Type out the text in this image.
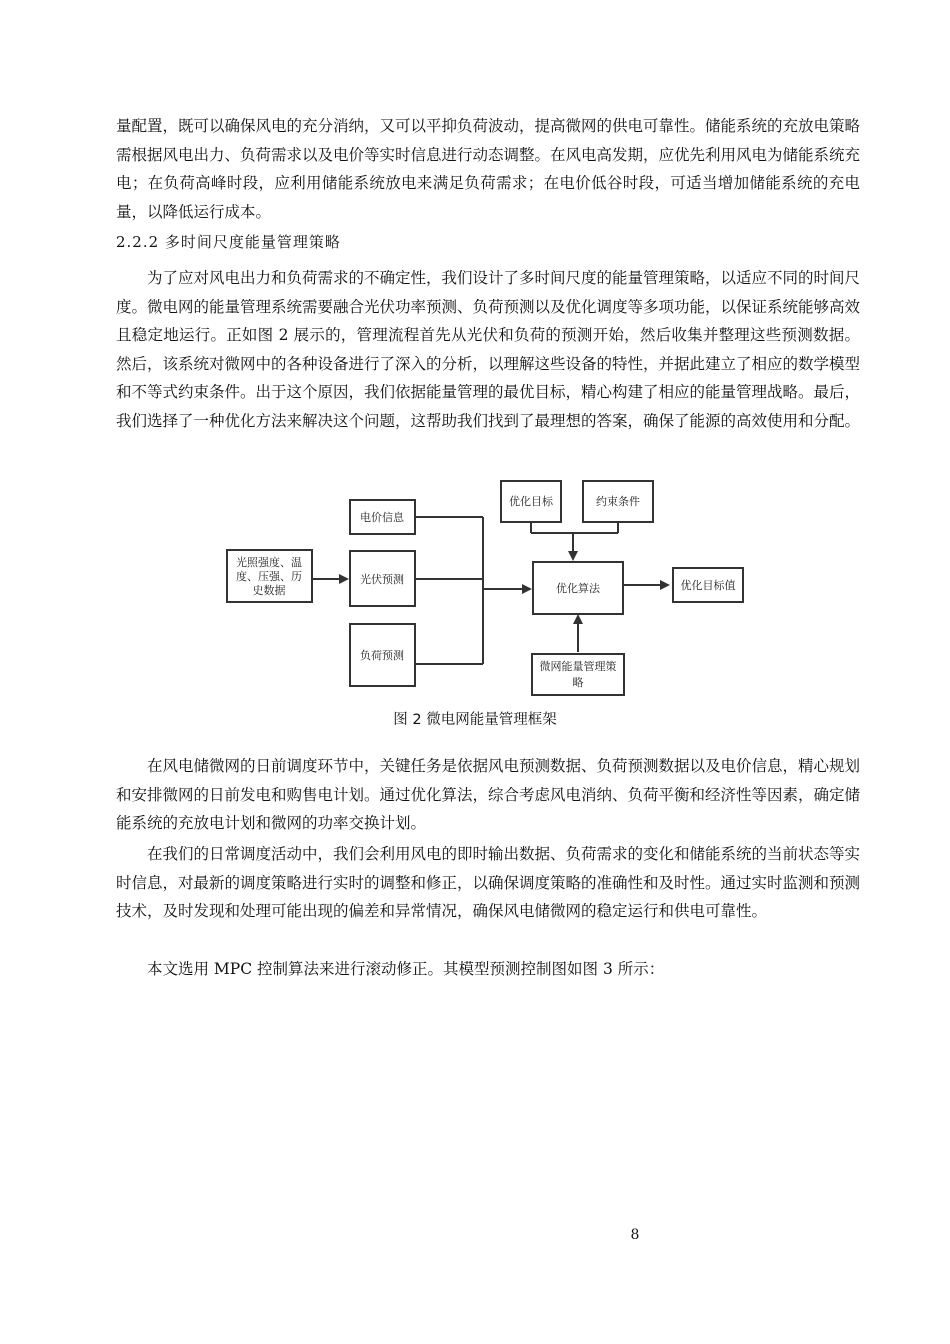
量配置，既可以确保风电的充分消纳，又可以平抑负荷波动，提高微网的供电可靠性。储能系统的充放电策略需根据风电出力、负荷需求以及电价等实时信息进行动态调整。在风电高发期，应优先利用风电为储能系统充电；在负荷高峰时段，应利用储能系统放电来满足负荷需求；在电价低谷时段，可适当增加储能系统的充电量，以降低运行成本。

2.2.2 多时间尺度能量管理策略

为了应对风电出力和负荷需求的不确定性，我们设计了多时间尺度的能量管理策略，以适应不同的时间尺度。微电网的能量管理系统需要融合光伏功率预测、负荷预测以及优化调度等多项功能，以保证系统能够高效且稳定地运行。正如图 2 展示的，管理流程首先从光伏和负荷的预测开始，然后收集并整理这些预测数据。然后，该系统对微网中的各种设备进行了深入的分析，以理解这些设备的特性，并据此建立了相应的数学模型和不等式约束条件。出于这个原因，我们依据能量管理的最优目标，精心构建了相应的能量管理战略。最后，我们选择了一种优化方法来解决这个问题，这帮助我们找到了最理想的答案，确保了能源的高效使用和分配。

电价信息
光照强度、温
度、压强、历
史数据
光伏预测
负荷预测
优化目标	约束条件
优化算法	优化目标值
微网能量管理策
略
图 2 微电网能量管理框架

在风电储微网的日前调度环节中，关键任务是依据风电预测数据、负荷预测数据以及电价信息，精心规划和安排微网的日前发电和购售电计划。通过优化算法，综合考虑风电消纳、负荷平衡和经济性等因素，确定储能系统的充放电计划和微网的功率交换计划。

在我们的日常调度活动中，我们会利用风电的即时输出数据、负荷需求的变化和储能系统的当前状态等实时信息，对最新的调度策略进行实时的调整和修正，以确保调度策略的准确性和及时性。通过实时监测和预测技术，及时发现和处理可能出现的偏差和异常情况，确保风电储微网的稳定运行和供电可靠性。

本文选用 MPC 控制算法来进行滚动修正。其模型预测控制图如图 3 所示：

8
